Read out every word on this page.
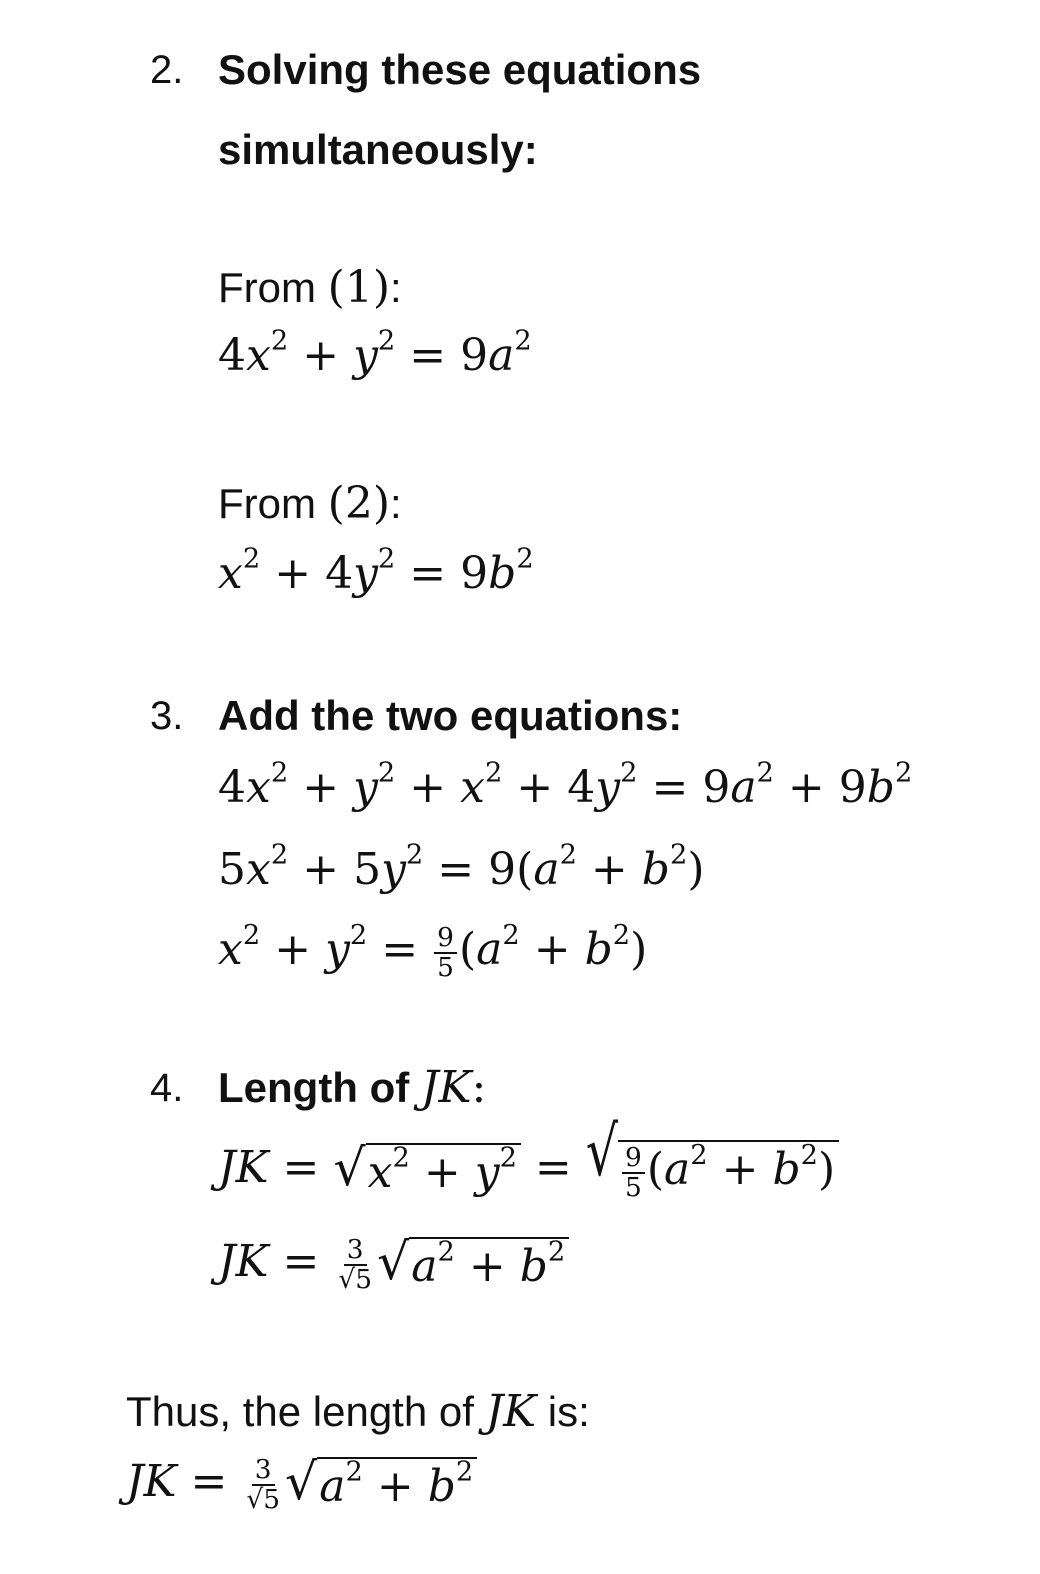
2. Solving these equations
simultaneously:
From (1):
$4x^2 + y^2 = 9a^2$
From (2):
$x^2 + 4y^2 = 9b^2$
3. Add the two equations:
$4x^2 + y^2 + x^2 + 4y^2 = 9a^2 + 9b^2$
$5x^2 + 5y^2 = 9(a^2 + b^2)$
$x^2 + y^2 = \frac{9}{5} (a^2 + b^2)$
4. Length of JK:
JK = √ $x^2 + y^2$ = √ $\frac{9}{5} (a^2 + b^2)$
JK = $\frac{3}{√5}$ √ $a^2 + b^2$
Thus, the length of JK is:
JK = $\frac{3}{√5}$ √ $a^2 + b^2$
